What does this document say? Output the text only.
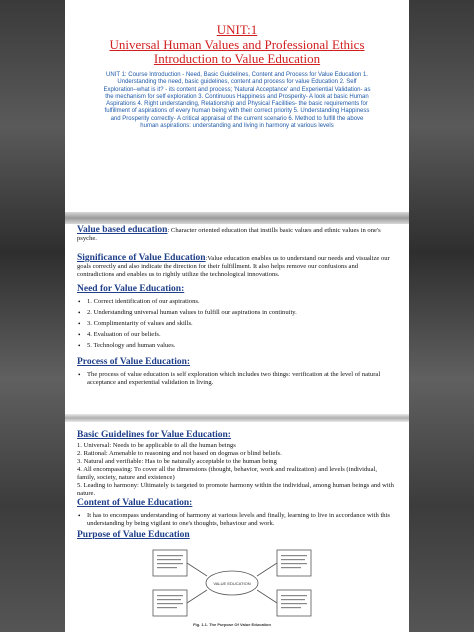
UNIT:1
Universal Human Values and Professional Ethics
Introduction to Value Education
UNIT 1: Course Introduction - Need, Basic Guidelines, Content and Process for Value Education 1. Understanding the need, basic guidelines, content and process for value Education 2. Self Exploration–what is it? - its content and process; 'Natural Acceptance' and Experiential Validation- as the mechanism for self exploration 3. Continuous Happiness and Prosperity- A look at basic Human Aspirations 4. Right understanding, Relationship and Physical Facilities- the basic requirements for fulfillment of aspirations of every human being with their correct priority 5. Understanding Happiness and Prosperity correctly- A critical appraisal of the current scenario 6. Method to fulfill the above human aspirations: understanding and living in harmony at various levels
Value based education: Character oriented education that instills basic values and ethnic values in one's psyche.
Significance of Value Education:Value education enables us to understand our needs and visualize our goals correctly and also indicate the direction for their fulfillment. It also helps remove our confusions and contradictions and enables us to rightly utilize the technological innovations.
Need for Value Education:
• 1. Correct identification of our aspirations.
• 2. Understanding universal human values to fulfill our aspirations in continuity.
• 3. Complimentarity of values and skills.
• 4. Evaluation of our beliefs.
• 5. Technology and human values.
Process of Value Education:
• The process of value education is self exploration which includes two things: verification at the level of natural acceptance and experiential validation in living.
Basic Guidelines for Value Education:
1. Universal: Needs to be applicable to all the human beings
2. Rational: Amenable to reasoning and not based on dogmas or blind beliefs.
3. Natural and verifiable: Has to be naturally acceptable to the human being
4. All encompassing: To cover all the dimensions (thought, behavior, work and realization) and levels (individual, family, society, nature and existence)
5. Leading to harmony: Ultimately is targeted to promote harmony within the individual, among human beings and with nature.
Content of Value Education:
• It has to encompass understanding of harmony at various levels and finally, learning to live in accordance with this understanding by being vigilant to one's thoughts, behaviour and work.
Purpose of Value Education
VALUE EDUCATION
Fig. 1.1. The Purpose Of Value Education
